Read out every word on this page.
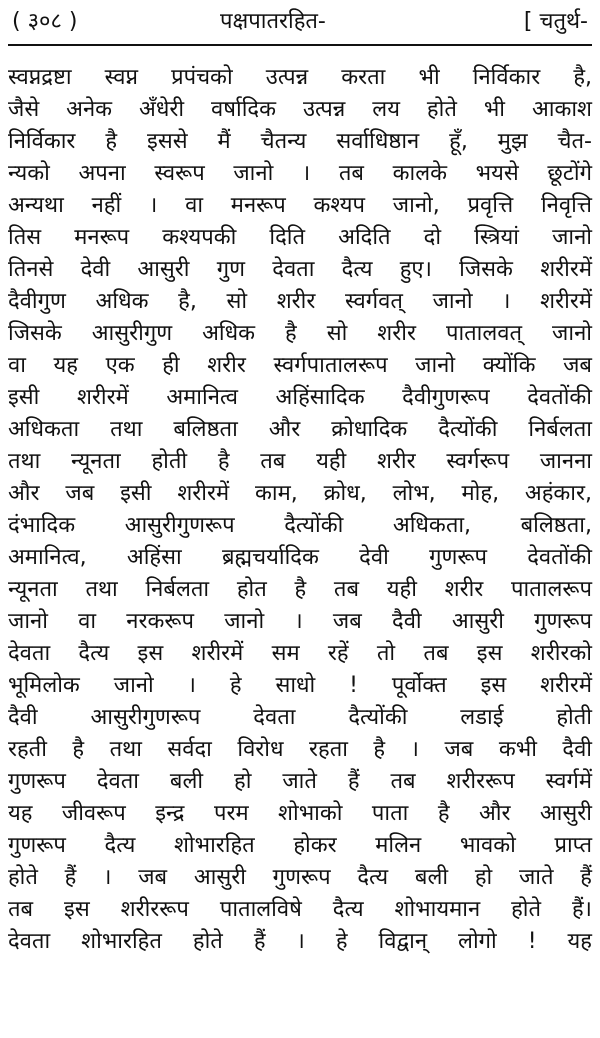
( ३०८ )	पक्षपातरहित-	[ चतुर्थ-
स्वप्नद्रष्टा स्वप्न प्रपंचको उत्पन्न करता भी निर्विकार है,
जैसे अनेक अँधेरी वर्षादिक उत्पन्न लय होते भी आकाश
निर्विकार है इससे मैं चैतन्य सर्वाधिष्ठान हूँ, मुझ चैत-
न्यको अपना स्वरूप जानो । तब कालके भयसे छूटोंगे
अन्यथा नहीं । वा मनरूप कश्यप जानो, प्रवृत्ति निवृत्ति
तिस मनरूप कश्यपकी दिति अदिति दो स्त्रियां जानो
तिनसे देवी आसुरी गुण देवता दैत्य हुए। जिसके शरीरमें
दैवीगुण अधिक है, सो शरीर स्वर्गवत् जानो । शरीरमें
जिसके आसुरीगुण अधिक है सो शरीर पातालवत् जानो
वा यह एक ही शरीर स्वर्गपातालरूप जानो क्योंकि जब
इसी शरीरमें अमानित्व अहिंसादिक दैवीगुणरूप देवतोंकी
अधिकता तथा बलिष्ठता और क्रोधादिक दैत्योंकी निर्बलता
तथा न्यूनता होती है तब यही शरीर स्वर्गरूप जानना
और जब इसी शरीरमें काम, क्रोध, लोभ, मोह, अहंकार,
दंभादिक आसुरीगुणरूप दैत्योंकी अधिकता, बलिष्ठता,
अमानित्व, अहिंसा ब्रह्मचर्यादिक देवी गुणरूप देवतोंकी
न्यूनता तथा निर्बलता होत है तब यही शरीर पातालरूप
जानो वा नरकरूप जानो । जब दैवी आसुरी गुणरूप
देवता दैत्य इस शरीरमें सम रहें तो तब इस शरीरको
भूमिलोक जानो । हे साधो ! पूर्वोक्त इस शरीरमें
दैवी आसुरीगुणरूप देवता दैत्योंकी लडाई होती
रहती है तथा सर्वदा विरोध रहता है । जब कभी दैवी
गुणरूप देवता बली हो जाते हैं तब शरीररूप स्वर्गमें
यह जीवरूप इन्द्र परम शोभाको पाता है और आसुरी
गुणरूप दैत्य शोभारहित होकर मलिन भावको प्राप्त
होते हैं । जब आसुरी गुणरूप दैत्य बली हो जाते हैं
तब इस शरीररूप पातालविषे दैत्य शोभायमान होते हैं।
देवता शोभारहित होते हैं । हे विद्वान् लोगो ! यह
